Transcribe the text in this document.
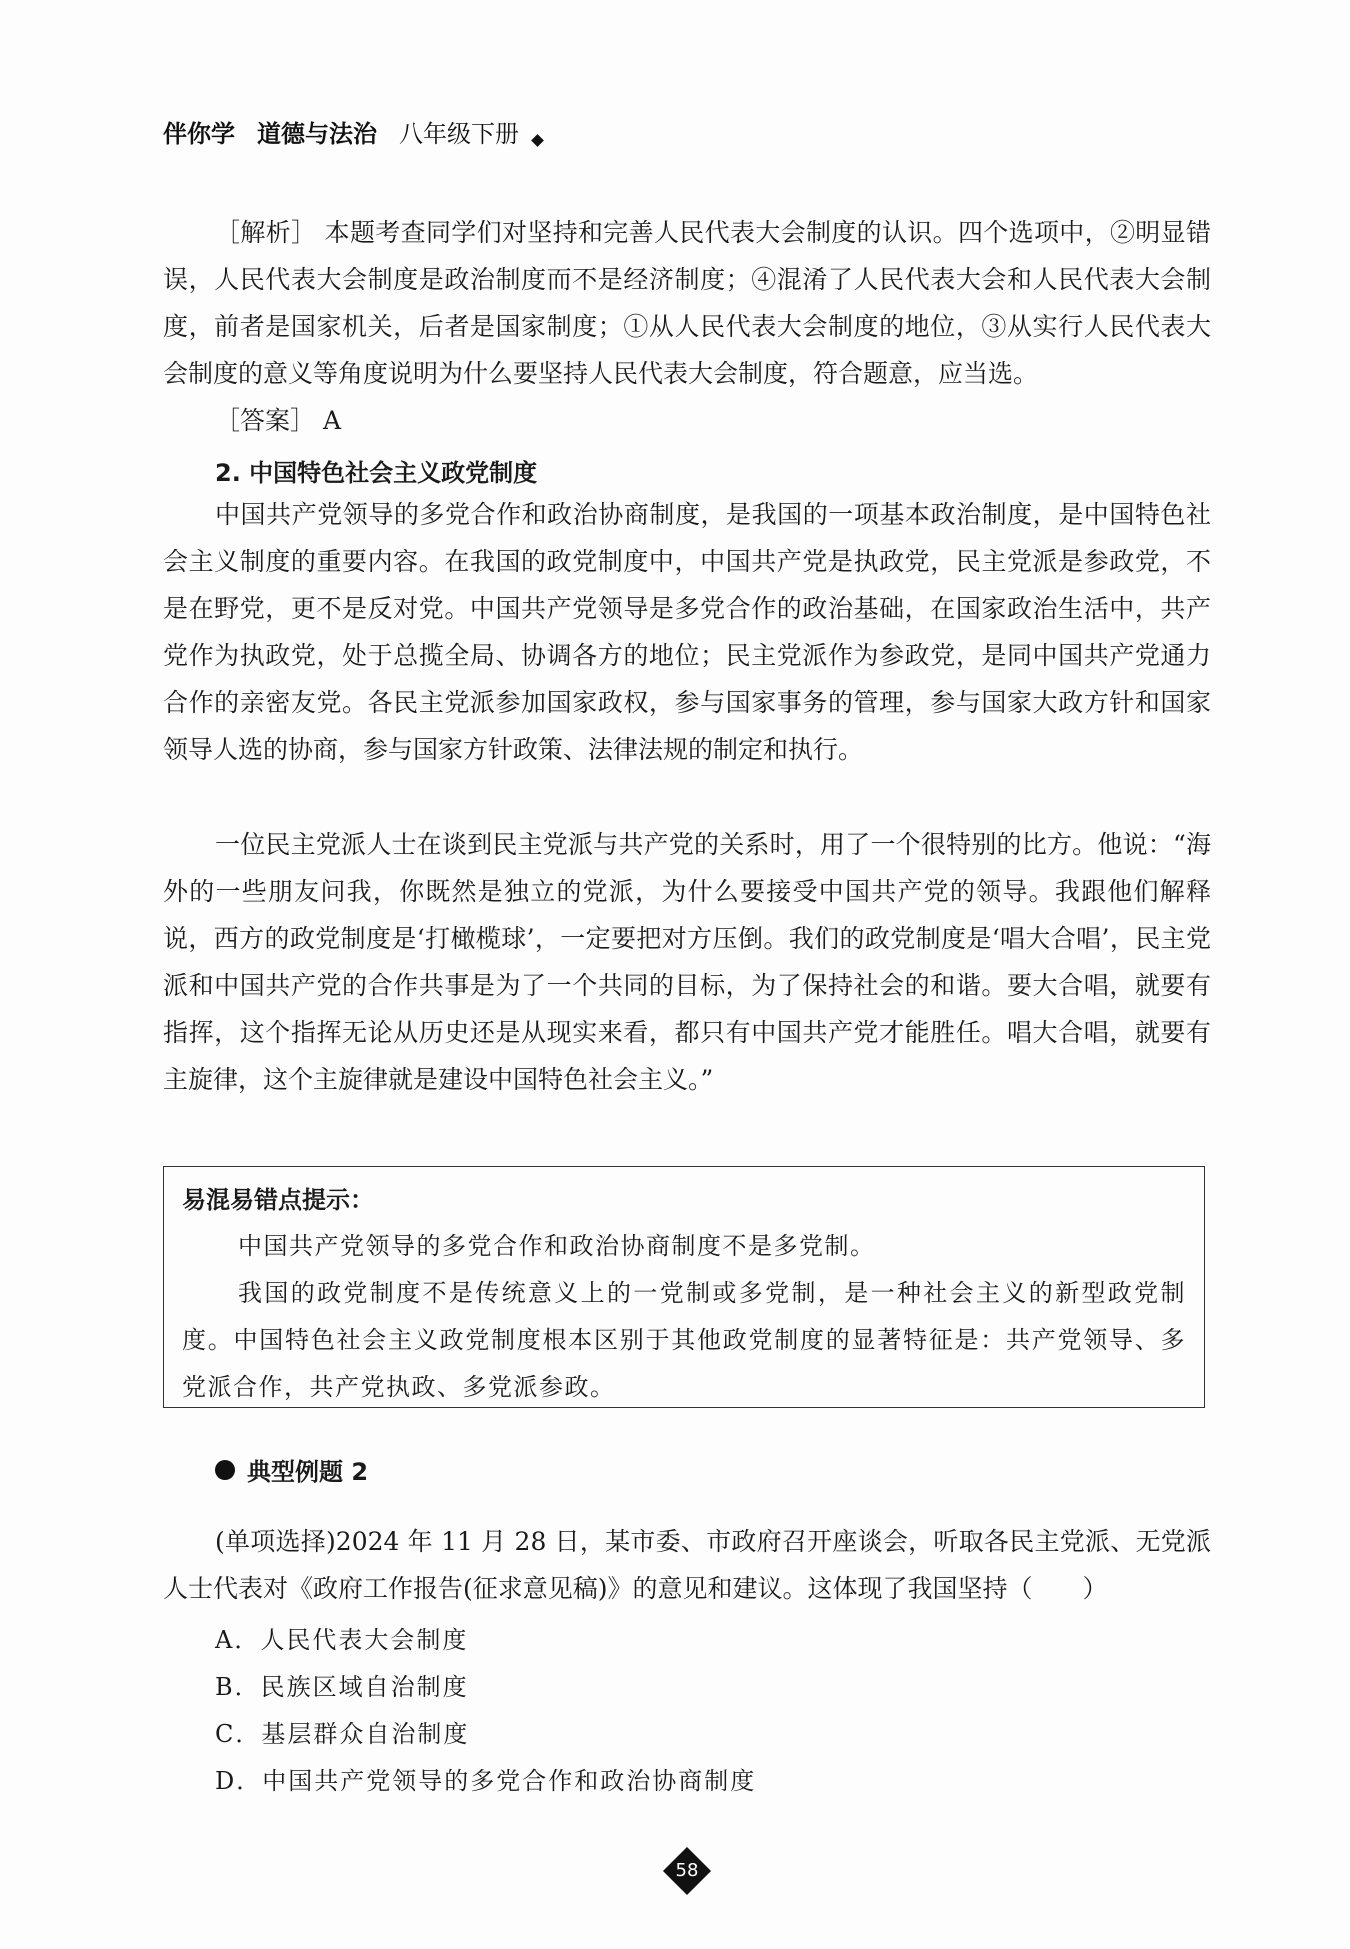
伴你学 道德与法治 八年级下册
［解析］ 本题考查同学们对坚持和完善人民代表大会制度的认识。四个选项中，②明显错误，人民代表大会制度是政治制度而不是经济制度；④混淆了人民代表大会和人民代表大会制度，前者是国家机关，后者是国家制度；①从人民代表大会制度的地位，③从实行人民代表大会制度的意义等角度说明为什么要坚持人民代表大会制度，符合题意，应当选。
［答案］ A
2. 中国特色社会主义政党制度
中国共产党领导的多党合作和政治协商制度，是我国的一项基本政治制度，是中国特色社会主义制度的重要内容。在我国的政党制度中，中国共产党是执政党，民主党派是参政党，不是在野党，更不是反对党。中国共产党领导是多党合作的政治基础，在国家政治生活中，共产党作为执政党，处于总揽全局、协调各方的地位；民主党派作为参政党，是同中国共产党通力合作的亲密友党。各民主党派参加国家政权，参与国家事务的管理，参与国家大政方针和国家领导人选的协商，参与国家方针政策、法律法规的制定和执行。
一位民主党派人士在谈到民主党派与共产党的关系时，用了一个很特别的比方。他说：“海外的一些朋友问我，你既然是独立的党派，为什么要接受中国共产党的领导。我跟他们解释说，西方的政党制度是‘打橄榄球’，一定要把对方压倒。我们的政党制度是‘唱大合唱’，民主党派和中国共产党的合作共事是为了一个共同的目标，为了保持社会的和谐。要大合唱，就要有指挥，这个指挥无论从历史还是从现实来看，都只有中国共产党才能胜任。唱大合唱，就要有主旋律，这个主旋律就是建设中国特色社会主义。”
易混易错点提示：

中国共产党领导的多党合作和政治协商制度不是多党制。

我国的政党制度不是传统意义上的一党制或多党制，是一种社会主义的新型政党制度。中国特色社会主义政党制度根本区别于其他政党制度的显著特征是：共产党领导、多党派合作，共产党执政、多党派参政。

典型例题 2
(单项选择)2024 年 11 月 28 日，某市委、市政府召开座谈会，听取各民主党派、无党派人士代表对《政府工作报告(征求意见稿)》的意见和建议。这体现了我国坚持（　　）
A．人民代表大会制度
B．民族区域自治制度
C．基层群众自治制度
D．中国共产党领导的多党合作和政治协商制度
58
